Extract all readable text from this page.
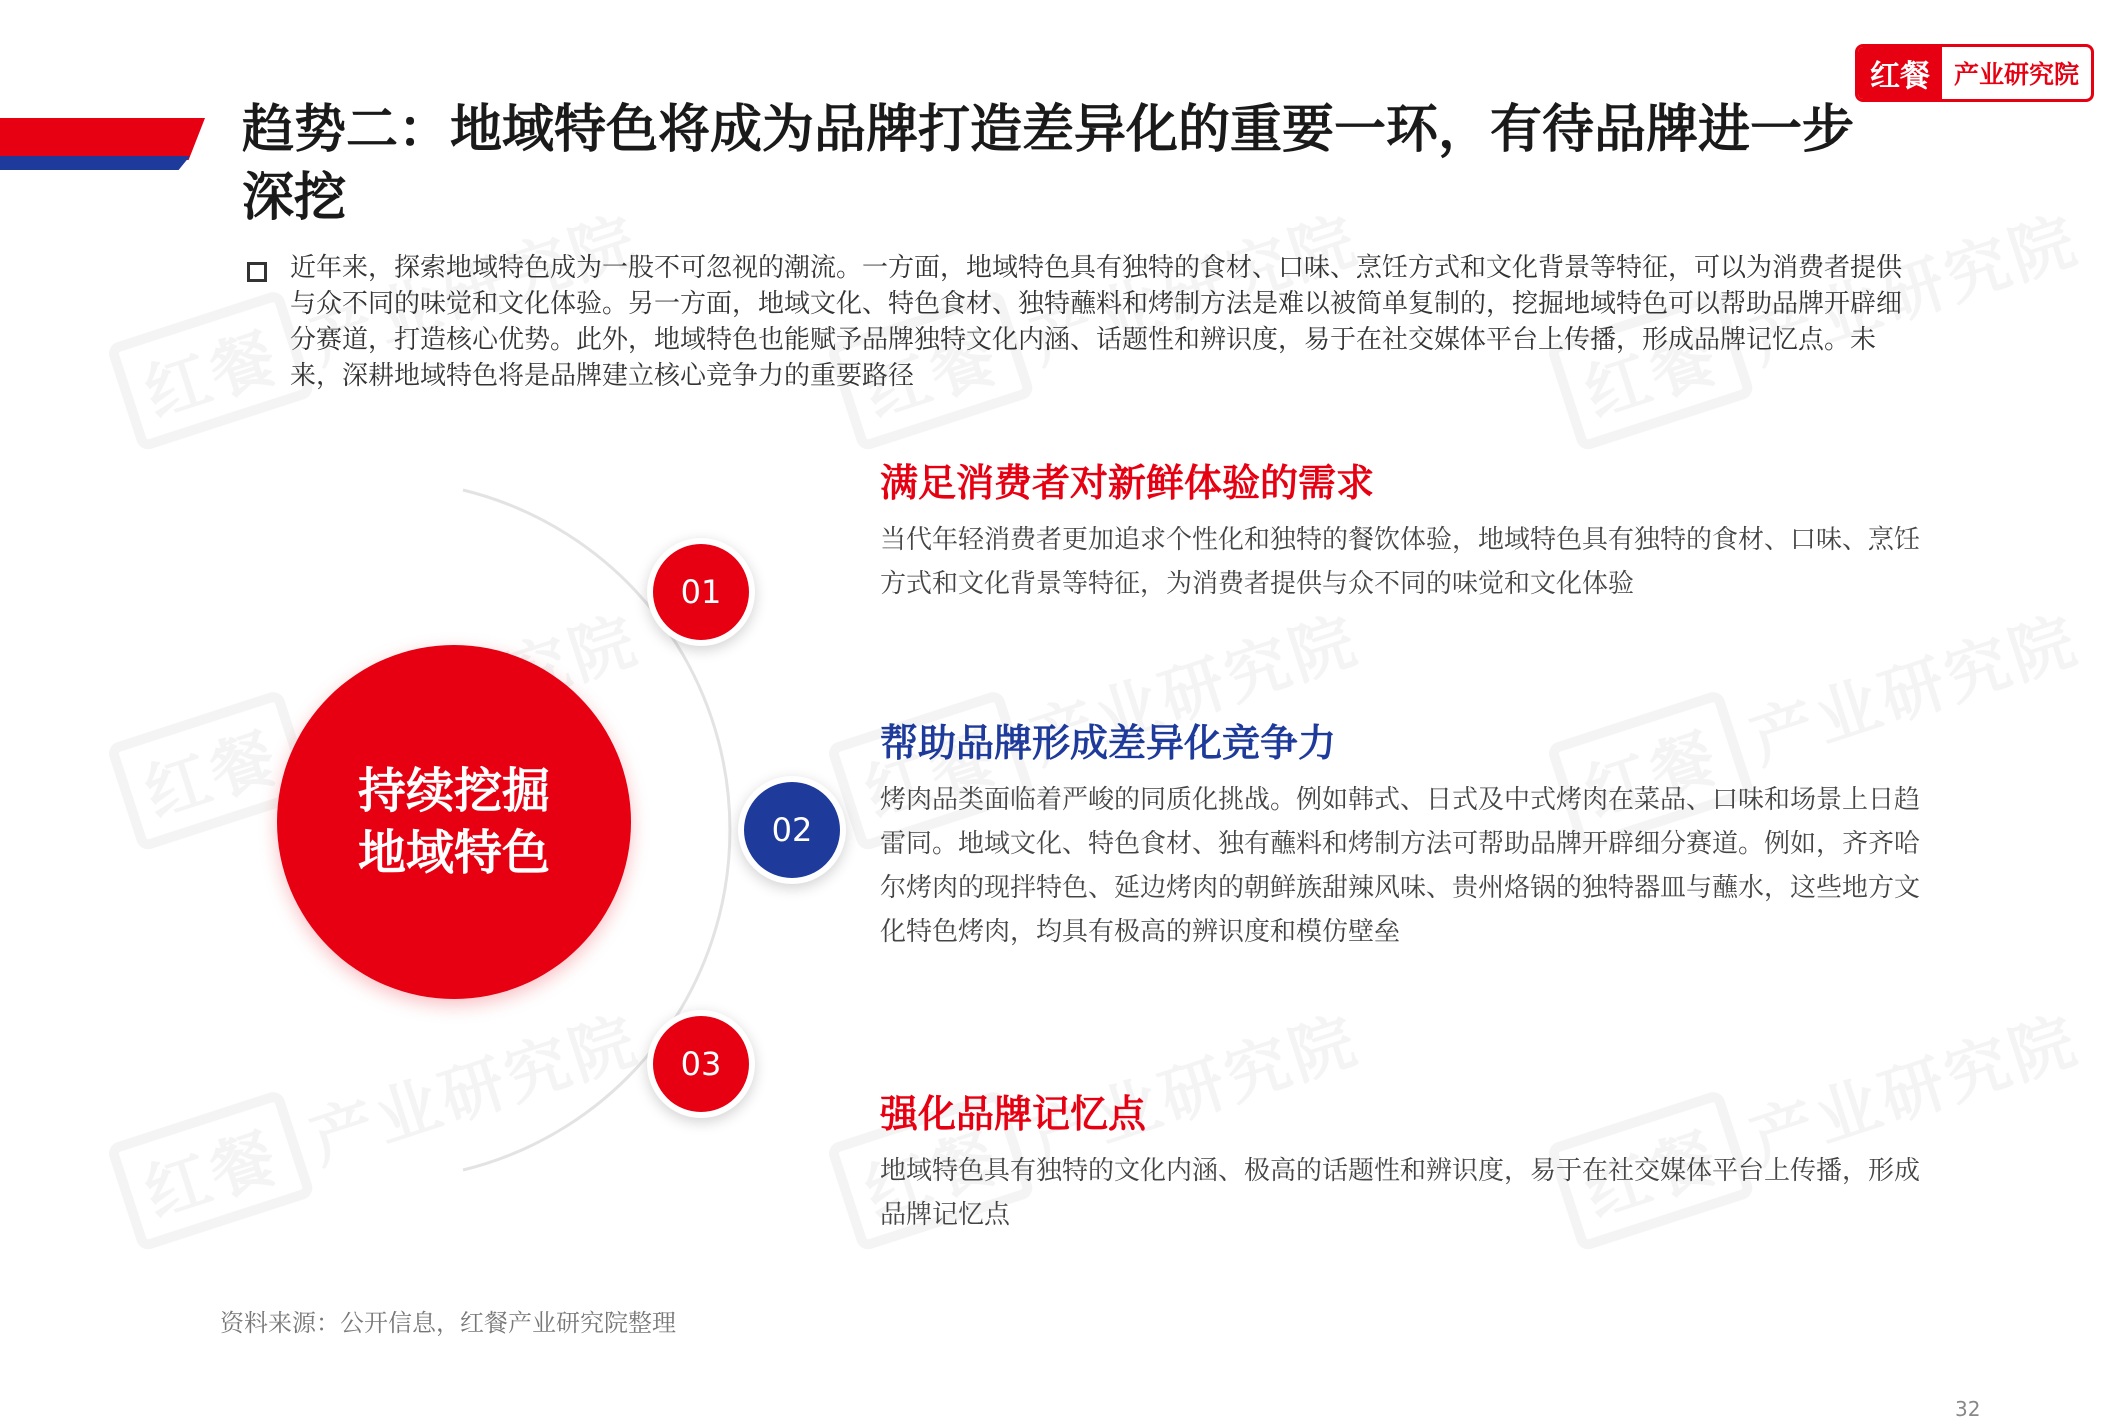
趋势二：地域特色将成为品牌打造差异化的重要一环，有待品牌进一步深挖
红餐 产业研究院
近年来，探索地域特色成为一股不可忽视的潮流。一方面，地域特色具有独特的食材、口味、烹饪方式和文化背景等特征，可以为消费者提供与众不同的味觉和文化体验。另一方面，地域文化、特色食材、独特蘸料和烤制方法是难以被简单复制的，挖掘地域特色可以帮助品牌开辟细分赛道，打造核心优势。此外，地域特色也能赋予品牌独特文化内涵、话题性和辨识度，易于在社交媒体平台上传播，形成品牌记忆点。未来，深耕地域特色将是品牌建立核心竞争力的重要路径
持续挖掘
地域特色
01
02
03
满足消费者对新鲜体验的需求
当代年轻消费者更加追求个性化和独特的餐饮体验，地域特色具有独特的食材、口味、烹饪方式和文化背景等特征，为消费者提供与众不同的味觉和文化体验
帮助品牌形成差异化竞争力
烤肉品类面临着严峻的同质化挑战。例如韩式、日式及中式烤肉在菜品、口味和场景上日趋雷同。地域文化、特色食材、独有蘸料和烤制方法可帮助品牌开辟细分赛道。例如，齐齐哈尔烤肉的现拌特色、延边烤肉的朝鲜族甜辣风味、贵州烙锅的独特器皿与蘸水，这些地方文化特色烤肉，均具有极高的辨识度和模仿壁垒
强化品牌记忆点
地域特色具有独特的文化内涵、极高的话题性和辨识度，易于在社交媒体平台上传播，形成品牌记忆点
资料来源：公开信息，红餐产业研究院整理
32
